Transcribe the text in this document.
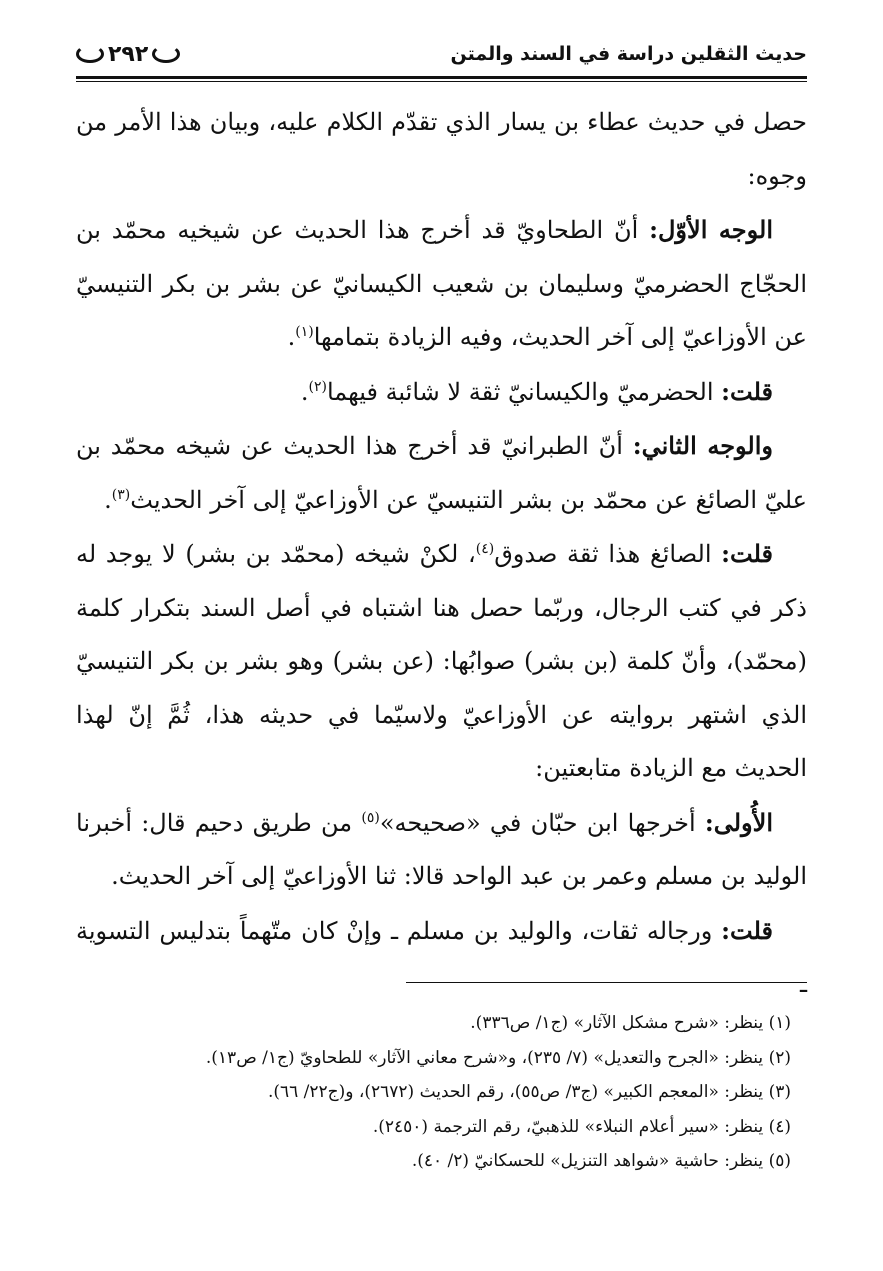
حديث الثقلين دراسة في السند والمتن
٢٩٢

حصل في حديث عطاء بن يسار الذي تقدّم الكلام عليه، وبيان هذا الأمر من وجوه:

الوجه الأوّل: أنّ الطحاويّ قد أخرج هذا الحديث عن شيخيه محمّد بن الحجّاج الحضرميّ وسليمان بن شعيب الكيسانيّ عن بشر بن بكر التنيسيّ عن الأوزاعيّ إلى آخر الحديث، وفيه الزيادة بتمامها$^{(١)}$.

قلت: الحضرميّ والكيسانيّ ثقة لا شائبة فيهما$^{(٢)}$.

والوجه الثاني: أنّ الطبرانيّ قد أخرج هذا الحديث عن شيخه محمّد بن عليّ الصائغ عن محمّد بن بشر التنيسيّ عن الأوزاعيّ إلى آخر الحديث$^{(٣)}$.

قلت: الصائغ هذا ثقة صدوق$^{(٤)}$، لكنْ شيخه (محمّد بن بشر) لا يوجد له ذكر في كتب الرجال، وربّما حصل هنا اشتباه في أصل السند بتكرار كلمة (محمّد)، وأنّ كلمة (بن بشر) صوابُها: (عن بشر) وهو بشر بن بكر التنيسيّ الذي اشتهر بروايته عن الأوزاعيّ ولاسيّما في حديثه هذا، ثُمَّ إنّ لهذا الحديث مع الزيادة متابعتين:

الأُولى: أخرجها ابن حبّان في «صحيحه»$^{(٥)}$ من طريق دحيم قال: أخبرنا الوليد بن مسلم وعمر بن عبد الواحد قالا: ثنا الأوزاعيّ إلى آخر الحديث.

قلت: ورجاله ثقات، والوليد بن مسلم ـ وإنْ كان متّهماً بتدليس التسوية ـ

(١) ينظر: «شرح مشكل الآثار» (ج١/ ص٣٣٦).

(٢) ينظر: «الجرح والتعديل» (٧/ ٢٣٥)، و«شرح معاني الآثار» للطحاويّ (ج١/ ص١٣).

(٣) ينظر: «المعجم الكبير» (ج٣/ ص٥٥)، رقم الحديث (٢٦٧٢)، و(ج٢٢/ ٦٦).

(٤) ينظر: «سير أعلام النبلاء» للذهبيّ، رقم الترجمة (٢٤٥٠).

(٥) ينظر: حاشية «شواهد التنزيل» للحسكانيّ (٢/ ٤٠).
